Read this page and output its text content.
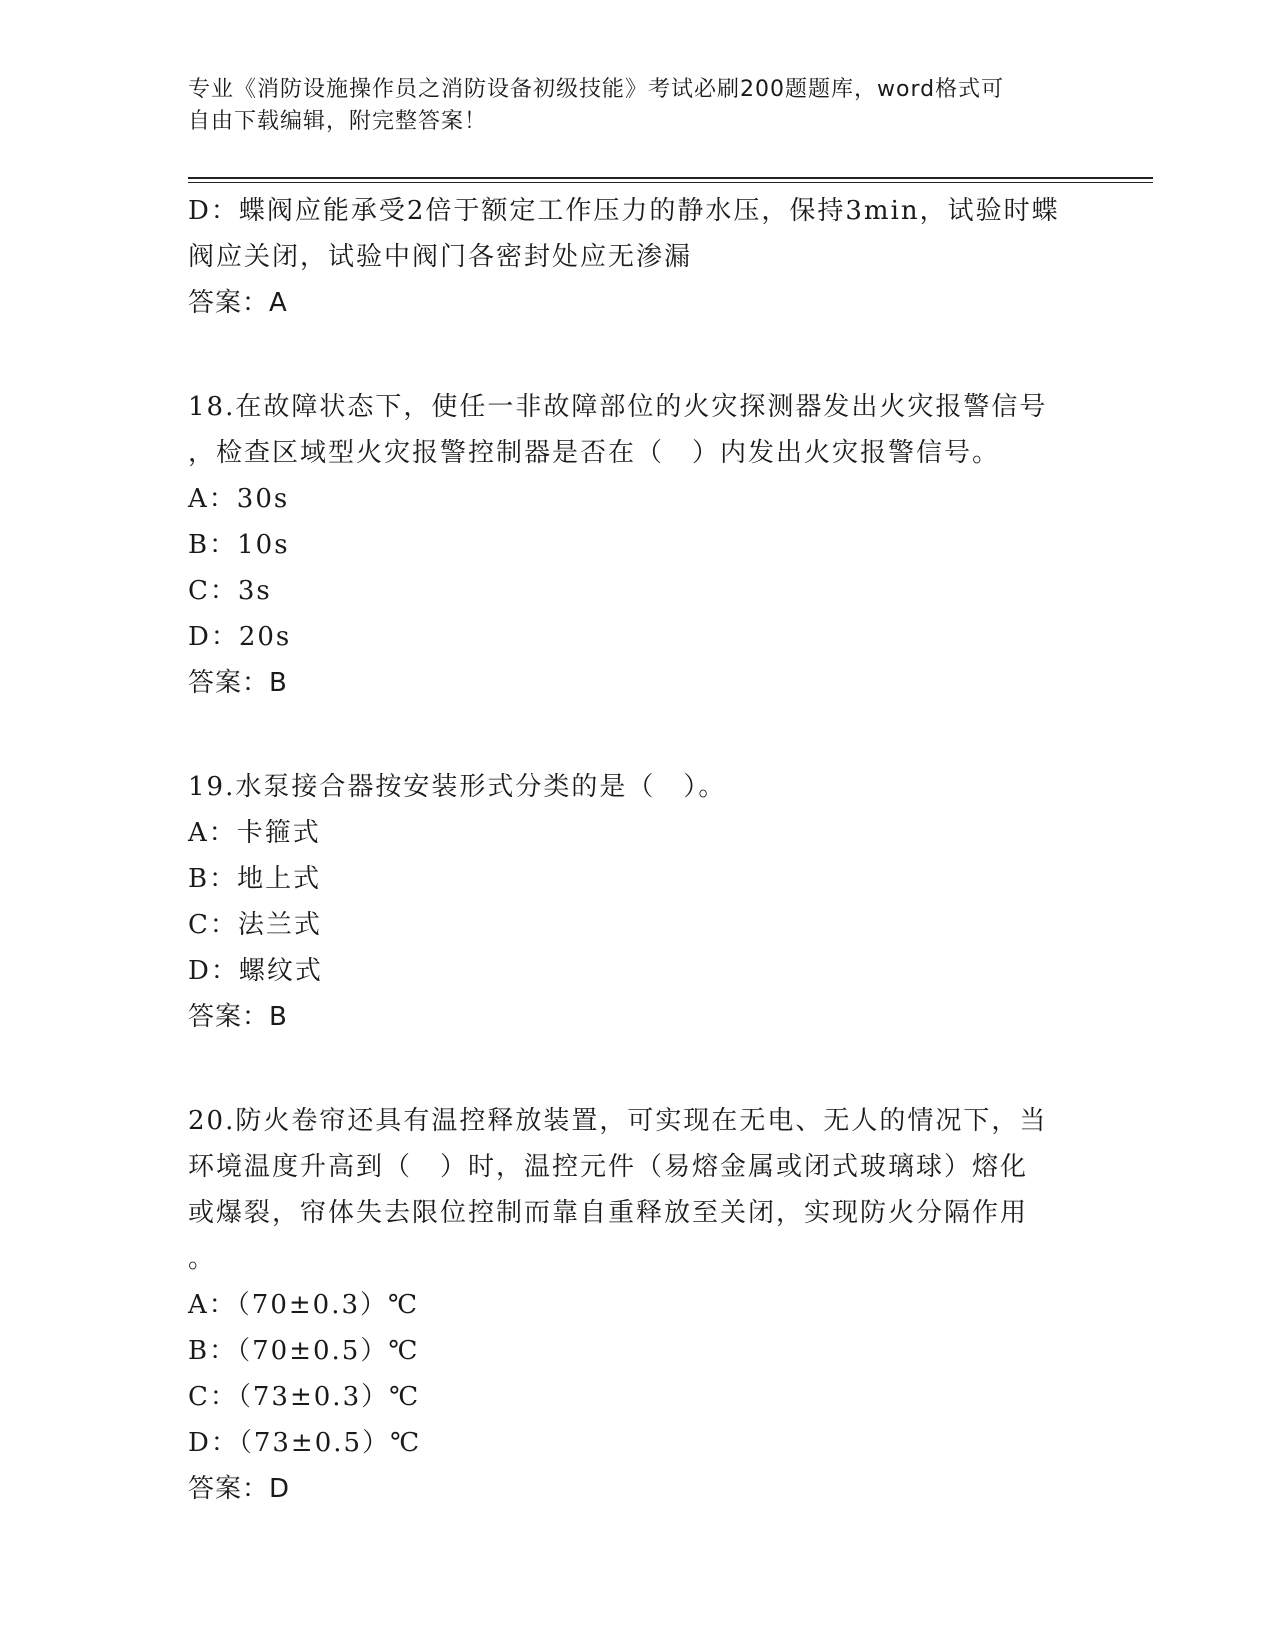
专业《消防设施操作员之消防设备初级技能》考试必刷200题题库，word格式可
自由下载编辑，附完整答案！

D：蝶阀应能承受2倍于额定工作压力的静水压，保持3min，试验时蝶

阀应关闭，试验中阀门各密封处应无渗漏

答案：A

18.在故障状态下，使任一非故障部位的火灾探测器发出火灾报警信号

，检查区域型火灾报警控制器是否在（　）内发出火灾报警信号。

A：30s

B：10s

C：3s

D：20s

答案：B

19.水泵接合器按安装形式分类的是（　）。

A：卡箍式

B：地上式

C：法兰式

D：螺纹式

答案：B

20.防火卷帘还具有温控释放装置，可实现在无电、无人的情况下，当

环境温度升高到（　）时，温控元件（易熔金属或闭式玻璃球）熔化

或爆裂，帘体失去限位控制而靠自重释放至关闭，实现防火分隔作用

。

A：（70±0.3）℃

B：（70±0.5）℃

C：（73±0.3）℃

D：（73±0.5）℃

答案：D
